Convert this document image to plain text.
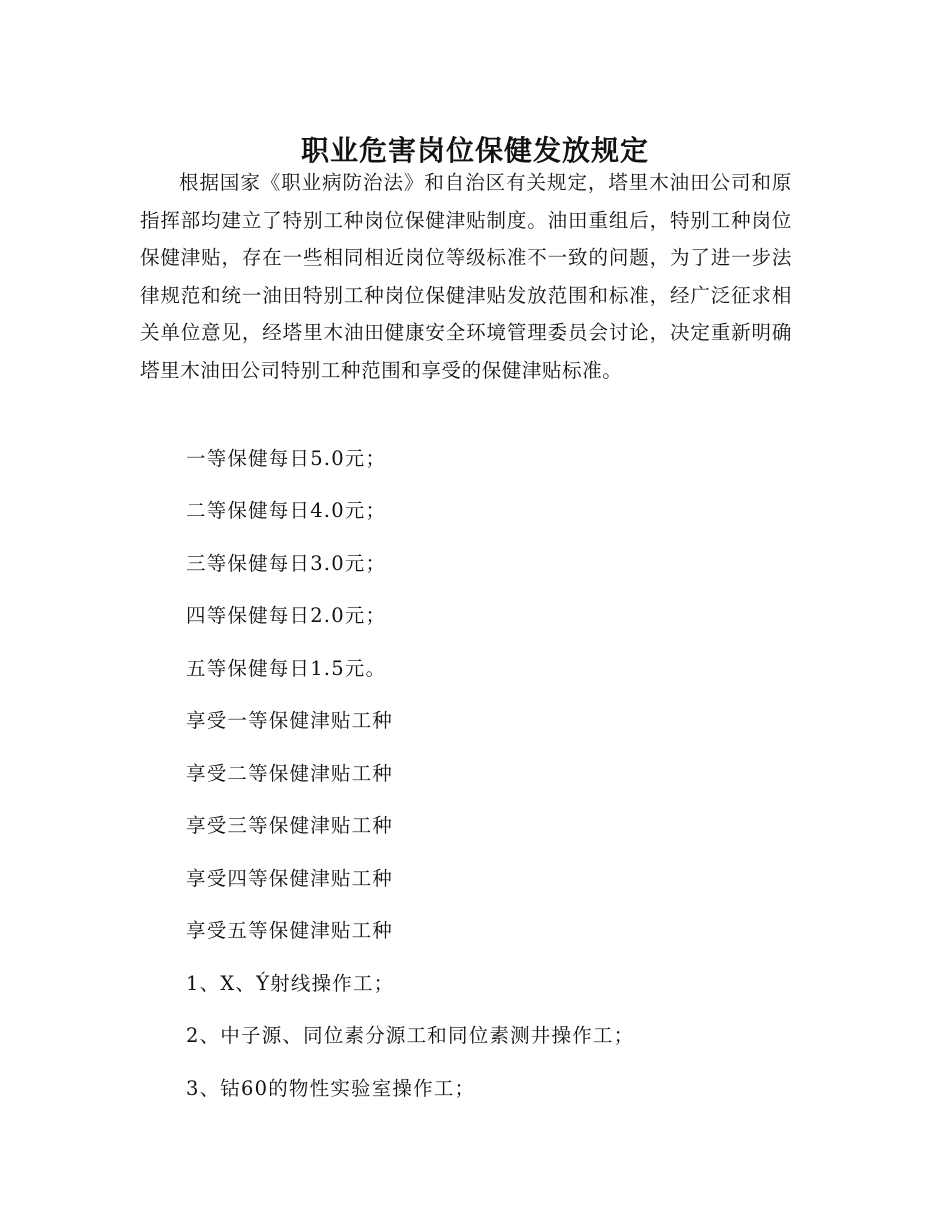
职业危害岗位保健发放规定

根据国家《职业病防治法》和自治区有关规定，塔里木油田公司和原指挥部均建立了特别工种岗位保健津贴制度。油田重组后，特别工种岗位保健津贴，存在一些相同相近岗位等级标准不一致的问题，为了进一步法律规范和统一油田特别工种岗位保健津贴发放范围和标准，经广泛征求相关单位意见，经塔里木油田健康安全环境管理委员会讨论，决定重新明确塔里木油田公司特别工种范围和享受的保健津贴标准。

一等保健每日5.0元；

二等保健每日4.0元；

三等保健每日3.0元；

四等保健每日2.0元；

五等保健每日1.5元。

享受一等保健津贴工种

享受二等保健津贴工种

享受三等保健津贴工种

享受四等保健津贴工种

享受五等保健津贴工种

1、X、Ý射线操作工；

2、中子源、同位素分源工和同位素测井操作工；

3、钴60的物性实验室操作工；
